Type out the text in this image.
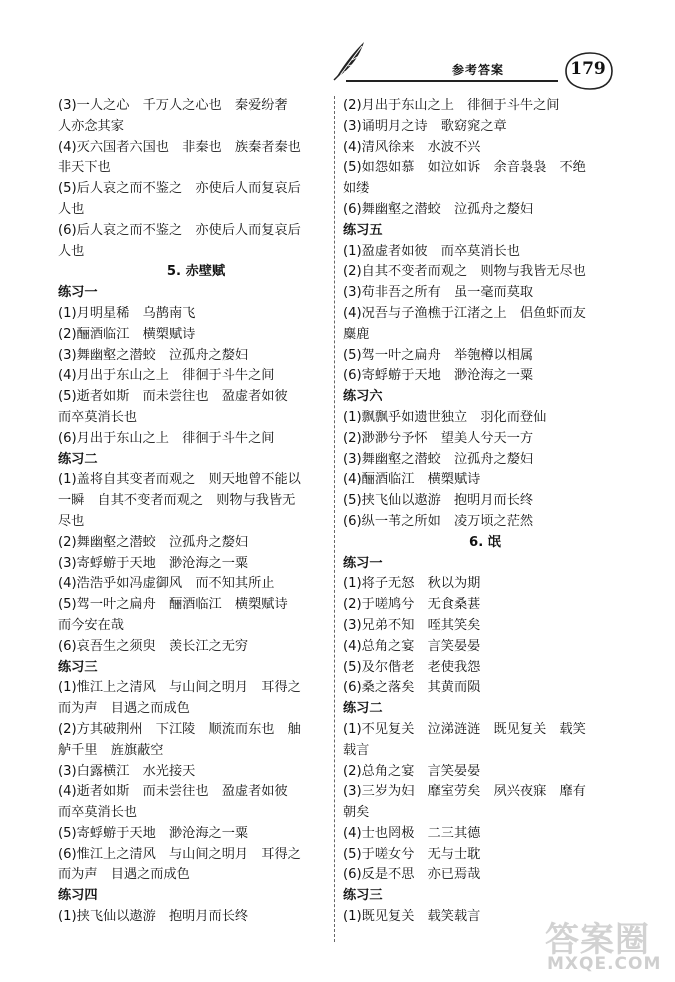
参考答案	179
(3)一人之心　千万人之心也　秦爱纷奢
人亦念其家
(4)灭六国者六国也　非秦也　族秦者秦也
非天下也
(5)后人哀之而不鉴之　亦使后人而复哀后
人也
(6)后人哀之而不鉴之　亦使后人而复哀后
人也
5. 赤壁赋
练习一
(1)月明星稀　乌鹊南飞
(2)酾酒临江　横槊赋诗
(3)舞幽壑之潜蛟　泣孤舟之嫠妇
(4)月出于东山之上　徘徊于斗牛之间
(5)逝者如斯　而未尝往也　盈虚者如彼
而卒莫消长也
(6)月出于东山之上　徘徊于斗牛之间
练习二
(1)盖将自其变者而观之　则天地曾不能以
一瞬　自其不变者而观之　则物与我皆无
尽也
(2)舞幽壑之潜蛟　泣孤舟之嫠妇
(3)寄蜉蝣于天地　渺沧海之一粟
(4)浩浩乎如冯虚御风　而不知其所止
(5)驾一叶之扁舟　酾酒临江　横槊赋诗
而今安在哉
(6)哀吾生之须臾　羡长江之无穷
练习三
(1)惟江上之清风　与山间之明月　耳得之
而为声　目遇之而成色
(2)方其破荆州　下江陵　顺流而东也　舳
舻千里　旌旗蔽空
(3)白露横江　水光接天
(4)逝者如斯　而未尝往也　盈虚者如彼
而卒莫消长也
(5)寄蜉蝣于天地　渺沧海之一粟
(6)惟江上之清风　与山间之明月　耳得之
而为声　目遇之而成色
练习四
(1)挟飞仙以遨游　抱明月而长终
(2)月出于东山之上　徘徊于斗牛之间
(3)诵明月之诗　歌窈窕之章
(4)清风徐来　水波不兴
(5)如怨如慕　如泣如诉　余音袅袅　不绝
如缕
(6)舞幽壑之潜蛟　泣孤舟之嫠妇
练习五
(1)盈虚者如彼　而卒莫消长也
(2)自其不变者而观之　则物与我皆无尽也
(3)苟非吾之所有　虽一毫而莫取
(4)况吾与子渔樵于江渚之上　侣鱼虾而友
麋鹿
(5)驾一叶之扁舟　举匏樽以相属
(6)寄蜉蝣于天地　渺沧海之一粟
练习六
(1)飘飘乎如遗世独立　羽化而登仙
(2)渺渺兮予怀　望美人兮天一方
(3)舞幽壑之潜蛟　泣孤舟之嫠妇
(4)酾酒临江　横槊赋诗
(5)挟飞仙以遨游　抱明月而长终
(6)纵一苇之所如　凌万顷之茫然
6. 氓
练习一
(1)将子无怒　秋以为期
(2)于嗟鸠兮　无食桑葚
(3)兄弟不知　咥其笑矣
(4)总角之宴　言笑晏晏
(5)及尔偕老　老使我怨
(6)桑之落矣　其黄而陨
练习二
(1)不见复关　泣涕涟涟　既见复关　载笑
载言
(2)总角之宴　言笑晏晏
(3)三岁为妇　靡室劳矣　夙兴夜寐　靡有
朝矣
(4)士也罔极　二三其德
(5)于嗟女兮　无与士耽
(6)反是不思　亦已焉哉
练习三
(1)既见复关　载笑载言
答案圈
MXQE.COM
